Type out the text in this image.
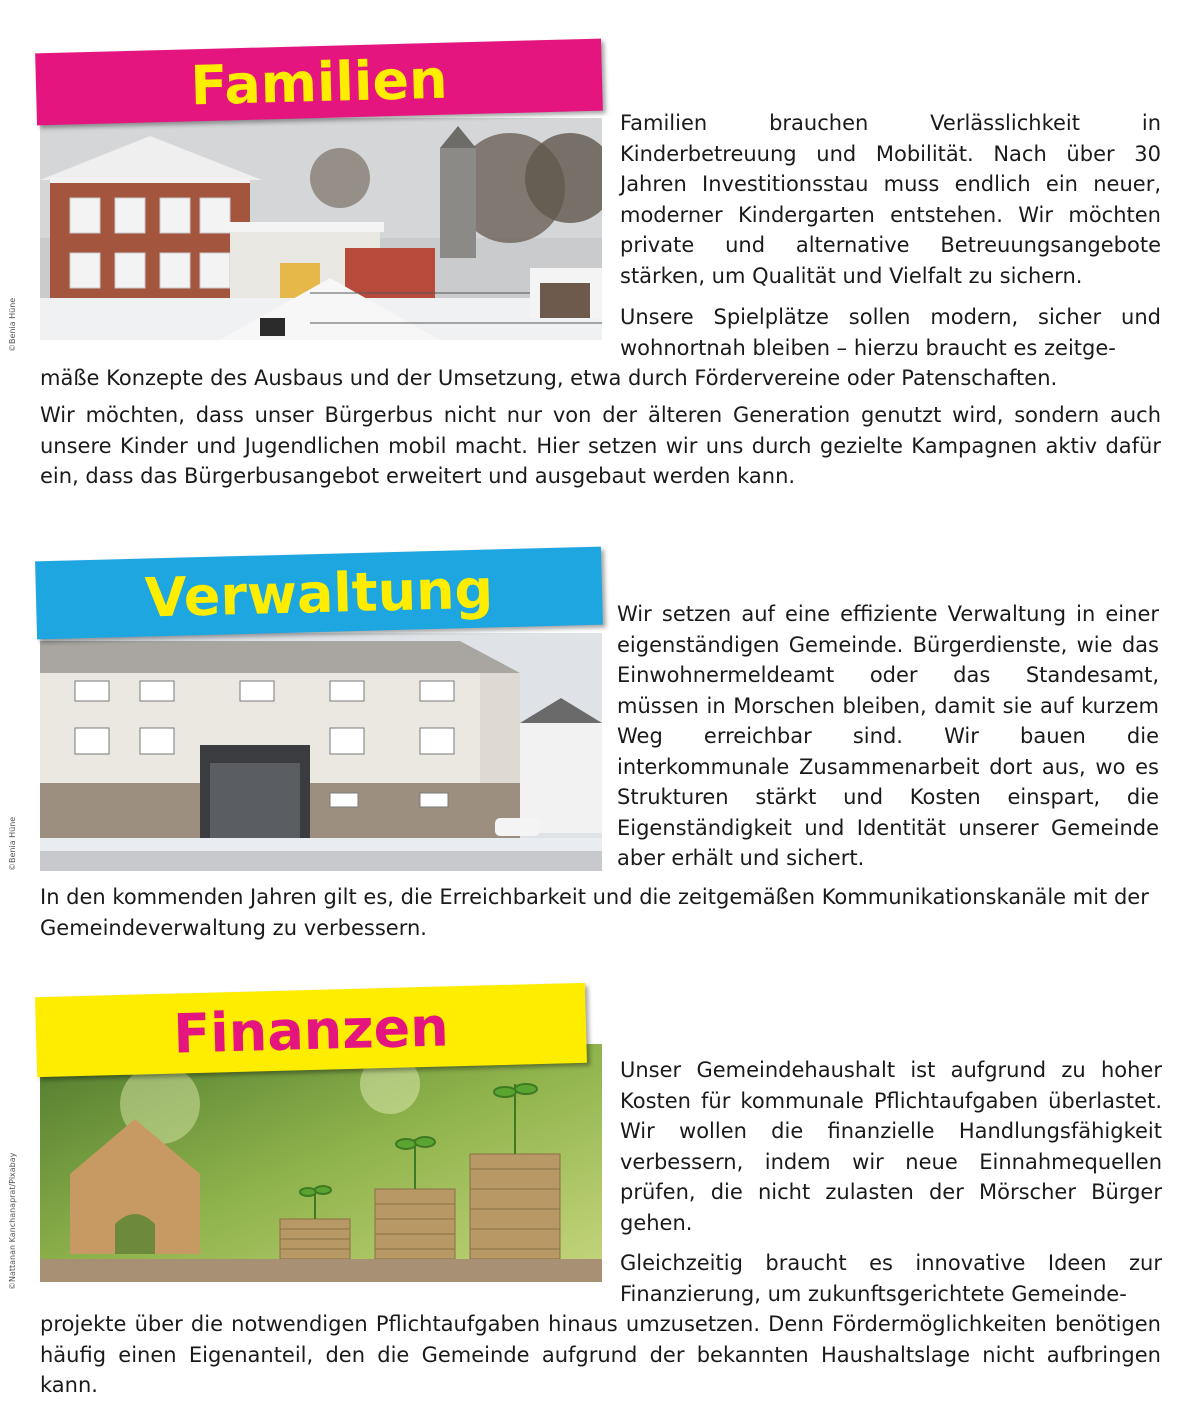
©Benia Hüne
Familien

Familien brauchen Verlässlichkeit in Kinderbetreuung und Mobilität. Nach über 30 Jahren Investitionsstau muss endlich ein neuer, moderner Kindergarten entstehen. Wir möchten private und alternative Betreuungsangebote stärken, um Qualität und Vielfalt zu sichern.

Unsere Spielplätze sollen modern, sicher und wohnortnah bleiben – hierzu braucht es zeitge-

mäße Konzepte des Ausbaus und der Umsetzung, etwa durch Fördervereine oder Patenschaften.

Wir möchten, dass unser Bürgerbus nicht nur von der älteren Generation genutzt wird, sondern auch unsere Kinder und Jugendlichen mobil macht. Hier setzen wir uns durch gezielte Kampagnen aktiv dafür ein, dass das Bürgerbusangebot erweitert und ausgebaut werden kann.

©Benia Hüne
Verwaltung	Wir setzen auf eine effiziente Verwaltung in einer eigenständigen Gemeinde. Bürgerdienste, wie das Einwohnermeldeamt oder das Standesamt, müssen in Morschen bleiben, damit sie auf kurzem Weg erreichbar sind. Wir bauen die interkommunale Zusammenarbeit dort aus, wo es Strukturen stärkt und Kosten einspart, die Eigenständigkeit und Identität unserer Gemeinde aber erhält und sichert.

In den kommenden Jahren gilt es, die Erreichbarkeit und die zeitgemäßen Kommunikationskanäle mit der Gemeindeverwaltung zu verbessern.

©Nattanan Kanchanaprat/Pixabay
Finanzen

Unser Gemeindehaushalt ist aufgrund zu hoher Kosten für kommunale Pflichtaufgaben überlastet. Wir wollen die finanzielle Handlungsfähigkeit verbessern, indem wir neue Einnahmequellen prüfen, die nicht zulasten der Mörscher Bürger gehen.

Gleichzeitig braucht es innovative Ideen zur Finanzierung, um zukunftsgerichtete Gemeinde-

projekte über die notwendigen Pflichtaufgaben hinaus umzusetzen. Denn Fördermöglichkeiten benötigen häufig einen Eigenanteil, den die Gemeinde aufgrund der bekannten Haushaltslage nicht aufbringen kann.
